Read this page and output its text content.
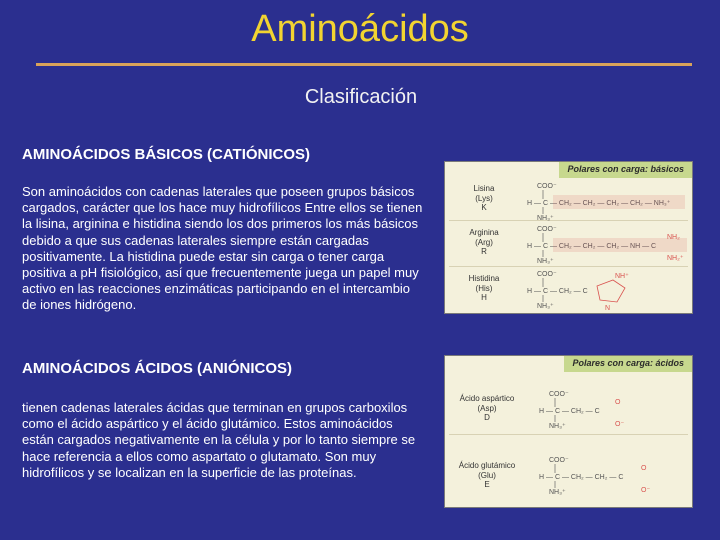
Aminoácidos
Clasificación
AMINOÁCIDOS BÁSICOS (CATIÓNICOS)
Son aminoácidos con cadenas laterales que poseen grupos básicos cargados, carácter que los hace muy hidrofílicos Entre ellos se tienen la lisina, arginina e histidina siendo los dos primeros los más básicos debido a que sus cadenas laterales siempre están cargadas positivamente. La histidina puede estar sin carga o tener carga positiva a pH fisiológico, así que frecuentemente juega un papel muy activo en las reacciones enzimáticas participando en el intercambio de iones hidrógeno.
Polares con carga: básicos
Lisina
(Lys)
K
Arginina
(Arg)
R
Histidina
(His)
H
COO⁻
H — C — CH₂ — CH₂ — CH₂ — CH₂ — NH₃⁺
NH₃⁺
COO⁻
H — C — CH₂ — CH₂ — CH₂ — NH — C
NH₂
NH₂⁺
NH₃⁺
COO⁻
H — C — CH₂ — C
NH⁺
N
NH₃⁺
AMINOÁCIDOS ÁCIDOS (ANIÓNICOS)
tienen cadenas laterales ácidas que terminan en grupos carboxilos como el ácido aspártico y el ácido glutámico. Estos aminoácidos están cargados negativamente en la célula y por lo tanto siempre se hace referencia a ellos como aspartato o glutamato. Son muy hidrofílicos y se localizan en la superficie de las proteínas.
Polares con carga: ácidos
Ácido aspártico
(Asp)
D
Ácido glutámico
(Glu)
E
COO⁻
H — C — CH₂ — C
O
O⁻
NH₃⁺
COO⁻
H — C — CH₂ — CH₂ — C
O
O⁻
NH₃⁺
